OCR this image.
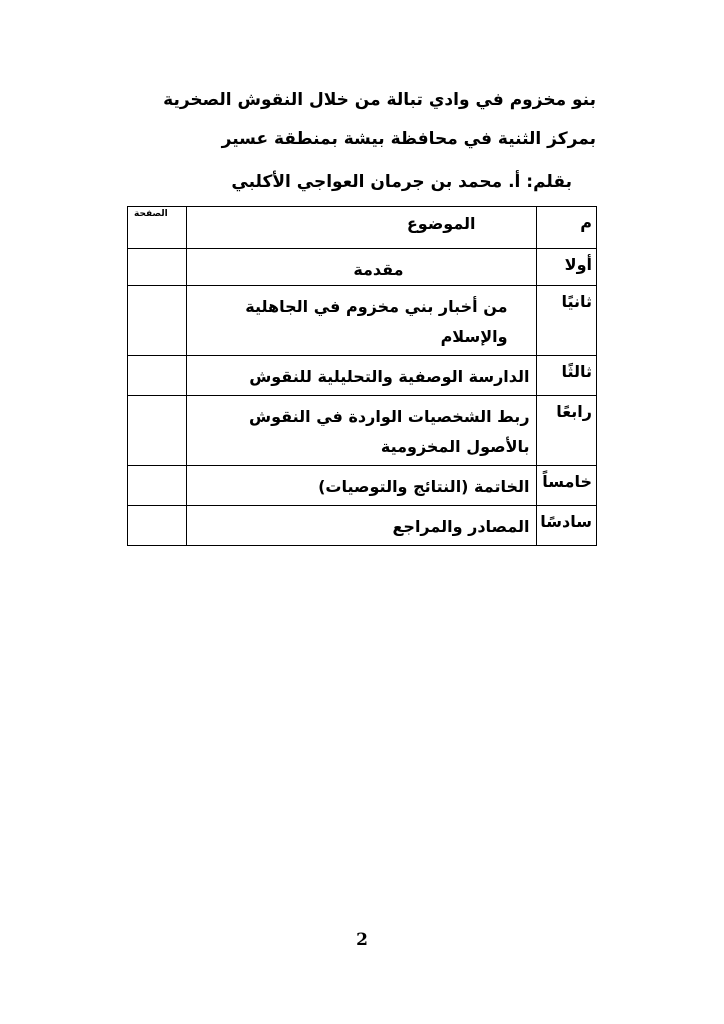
بنو مخزوم في وادي تبالة من خلال النقوش الصخرية
بمركز الثنية في محافظة بيشة بمنطقة عسير
بقلم: أ. محمد بن جرمان العواجي الأكلبي
م	الموضوع	الصفحة

أولا	مقدمة	

ثانيًا	من أخبار بني مخزوم في الجاهلية والإسلام	
ثالثًا	الدارسة الوصفية والتحليلية للنقوش	
رابعًا	ربط الشخصيات الواردة في النقوش بالأصول المخزومية	
خامساً	الخاتمة (النتائج والتوصيات)	
سادسًا	المصادر والمراجع	
2
